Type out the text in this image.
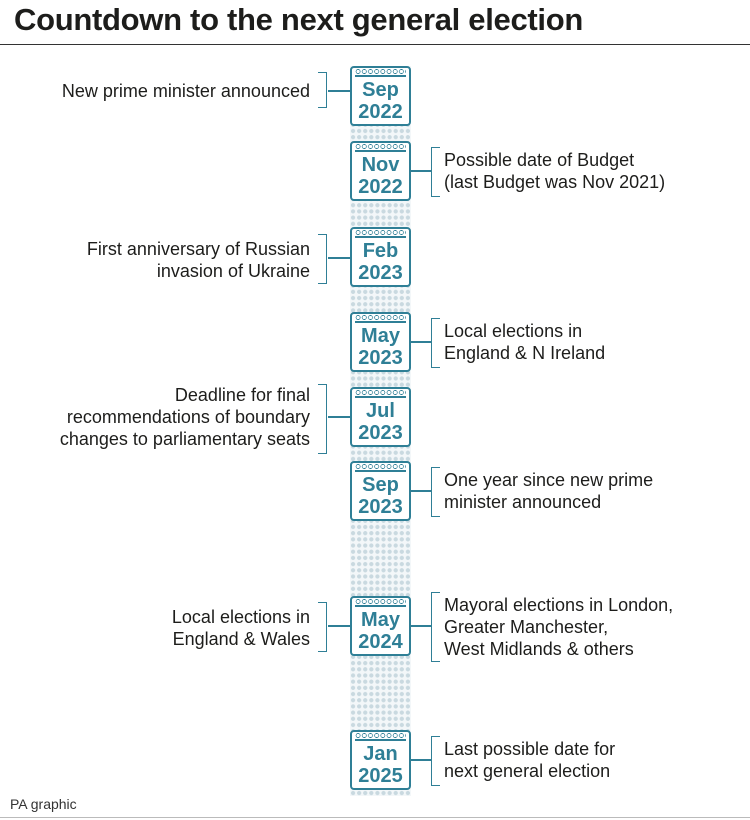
Countdown to the next general election
Sep
2022
Nov
2022
Feb
2023
May
2023
Jul
2023
Sep
2023
May
2024
Jan
2025
New prime minister announced
Possible date of Budget
(last Budget was Nov 2021)
First anniversary of Russian
invasion of Ukraine
Local elections in
England & N Ireland
Deadline for final
recommendations of boundary
changes to parliamentary seats
One year since new prime
minister announced
Local elections in
England & Wales
Mayoral elections in London,
Greater Manchester,
West Midlands & others
Last possible date for
next general election
PA graphic
